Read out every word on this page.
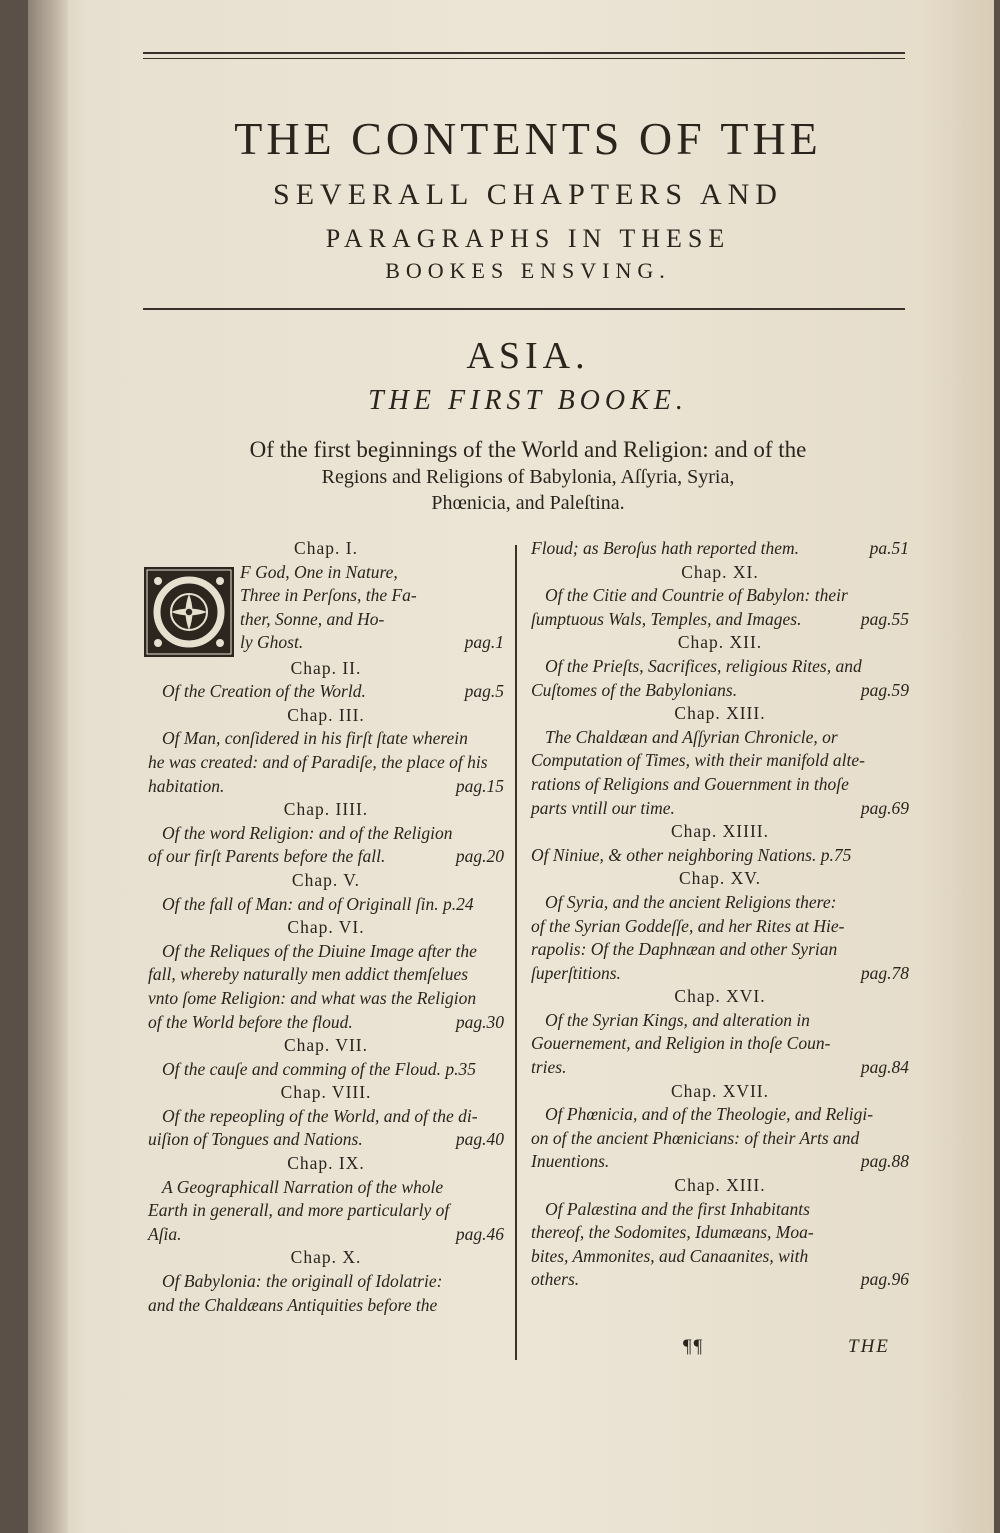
THE CONTENTS OF THE
SEVERALL CHAPTERS AND
PARAGRAPHS IN THESE
BOOKES ENSVING.
ASIA.
THE FIRST BOOKE.
Of the first beginnings of the World and Religion: and of the
Regions and Religions of Babylonia, Aſſyria, Syria,
Phœnicia, and Paleſtina.
Chap. I.
F God, One in Nature,
Three in Perſons, the Fa-
ther, Sonne, and Ho-
ly Ghost.	pag.1
Chap. II.
Of the Creation of the World.	pag.5
Chap. III.
Of Man, conſidered in his firſt ſtate wherein
he was created: and of Paradiſe, the place of his
habitation.	pag.15
Chap. IIII.
Of the word Religion: and of the Religion
of our firſt Parents before the fall.	pag.20
Chap. V.
Of the fall of Man: and of Originall ſin. p.24
Chap. VI.
Of the Reliques of the Diuine Image after the
fall, whereby naturally men addict themſelues
vnto ſome Religion: and what was the Religion
of the World before the floud.	pag.30
Chap. VII.
Of the cauſe and comming of the Floud. p.35
Chap. VIII.
Of the repeopling of the World, and of the di-
uiſion of Tongues and Nations.	pag.40
Chap. IX.
A Geographicall Narration of the whole
Earth in generall, and more particularly of
Aſia.	pag.46
Chap. X.
Of Babylonia: the originall of Idolatrie:
and the Chaldæans Antiquities before the
Floud; as Beroſus hath reported them.	pa.51
Chap. XI.
Of the Citie and Countrie of Babylon: their
ſumptuous Wals, Temples, and Images.	pag.55
Chap. XII.
Of the Prieſts, Sacrifices, religious Rites, and
Cuſtomes of the Babylonians.	pag.59
Chap. XIII.
The Chaldæan and Aſſyrian Chronicle, or
Computation of Times, with their manifold alte-
rations of Religions and Gouernment in thoſe
parts vntill our time.	pag.69
Chap. XIIII.
Of Niniue, & other neighboring Nations. p.75
Chap. XV.
Of Syria, and the ancient Religions there:
of the Syrian Goddeſſe, and her Rites at Hie-
rapolis: Of the Daphnæan and other Syrian
ſuperſtitions.	pag.78
Chap. XVI.
Of the Syrian Kings, and alteration in
Gouernement, and Religion in thoſe Coun-
tries.	pag.84
Chap. XVII.
Of Phœnicia, and of the Theologie, and Religi-
on of the ancient Phœnicians: of their Arts and
Inuentions.	pag.88
Chap. XIII.
Of Palæstina and the first Inhabitants
thereof, the Sodomites, Idumæans, Moa-
bites, Ammonites, aud Canaanites, with
others.	pag.96
¶¶	THE
